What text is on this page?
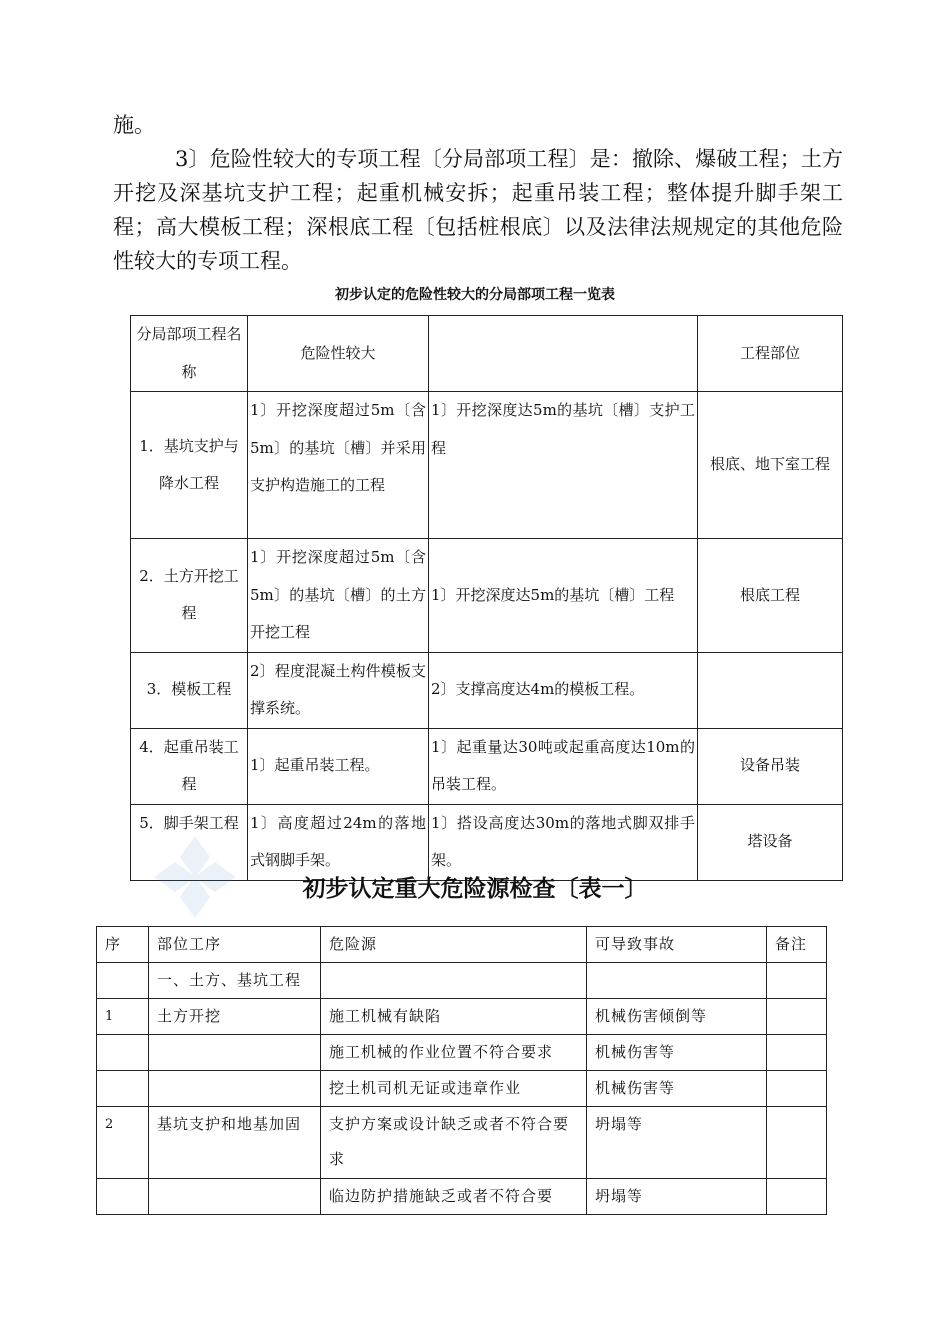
施。
3〕危险性较大的专项工程〔分局部项工程〕是：撤除、爆破工程；土方开挖及深基坑支护工程；起重机械安拆；起重吊装工程；整体提升脚手架工程；高大模板工程；深根底工程〔包括桩根底〕以及法律法规规定的其他危险性较大的专项工程。
初步认定的危险性较大的分局部项工程一览表
分局部项工程名称	危险性较大		工程部位
1．基坑支护与降水工程	1〕开挖深度超过5m〔含5m〕的基坑〔槽〕并采用支护构造施工的工程	1〕开挖深度达5m的基坑〔槽〕支护工程	根底、地下室工程
2．土方开挖工程	1〕开挖深度超过5m〔含5m〕的基坑〔槽〕的土方开挖工程	1〕开挖深度达5m的基坑〔槽〕工程	根底工程
3．模板工程	2〕程度混凝土构件模板支撑系统。	2〕支撑高度达4m的模板工程。	
4．起重吊装工程	1〕起重吊装工程。	1〕起重量达30吨或起重高度达10m的吊装工程。	设备吊装
5．脚手架工程	1〕高度超过24m的落地式钢脚手架。	1〕搭设高度达30m的落地式脚双排手架。	塔设备
初步认定重大危险源检查〔表一〕
序	部位工序	危险源	可导致事故	备注
	一、土方、基坑工程			
1	土方开挖	施工机械有缺陷	机械伤害倾倒等	
		施工机械的作业位置不符合要求	机械伤害等	
		挖土机司机无证或违章作业	机械伤害等	
2	基坑支护和地基加固	支护方案或设计缺乏或者不符合要求	坍塌等	
		临边防护措施缺乏或者不符合要	坍塌等	
